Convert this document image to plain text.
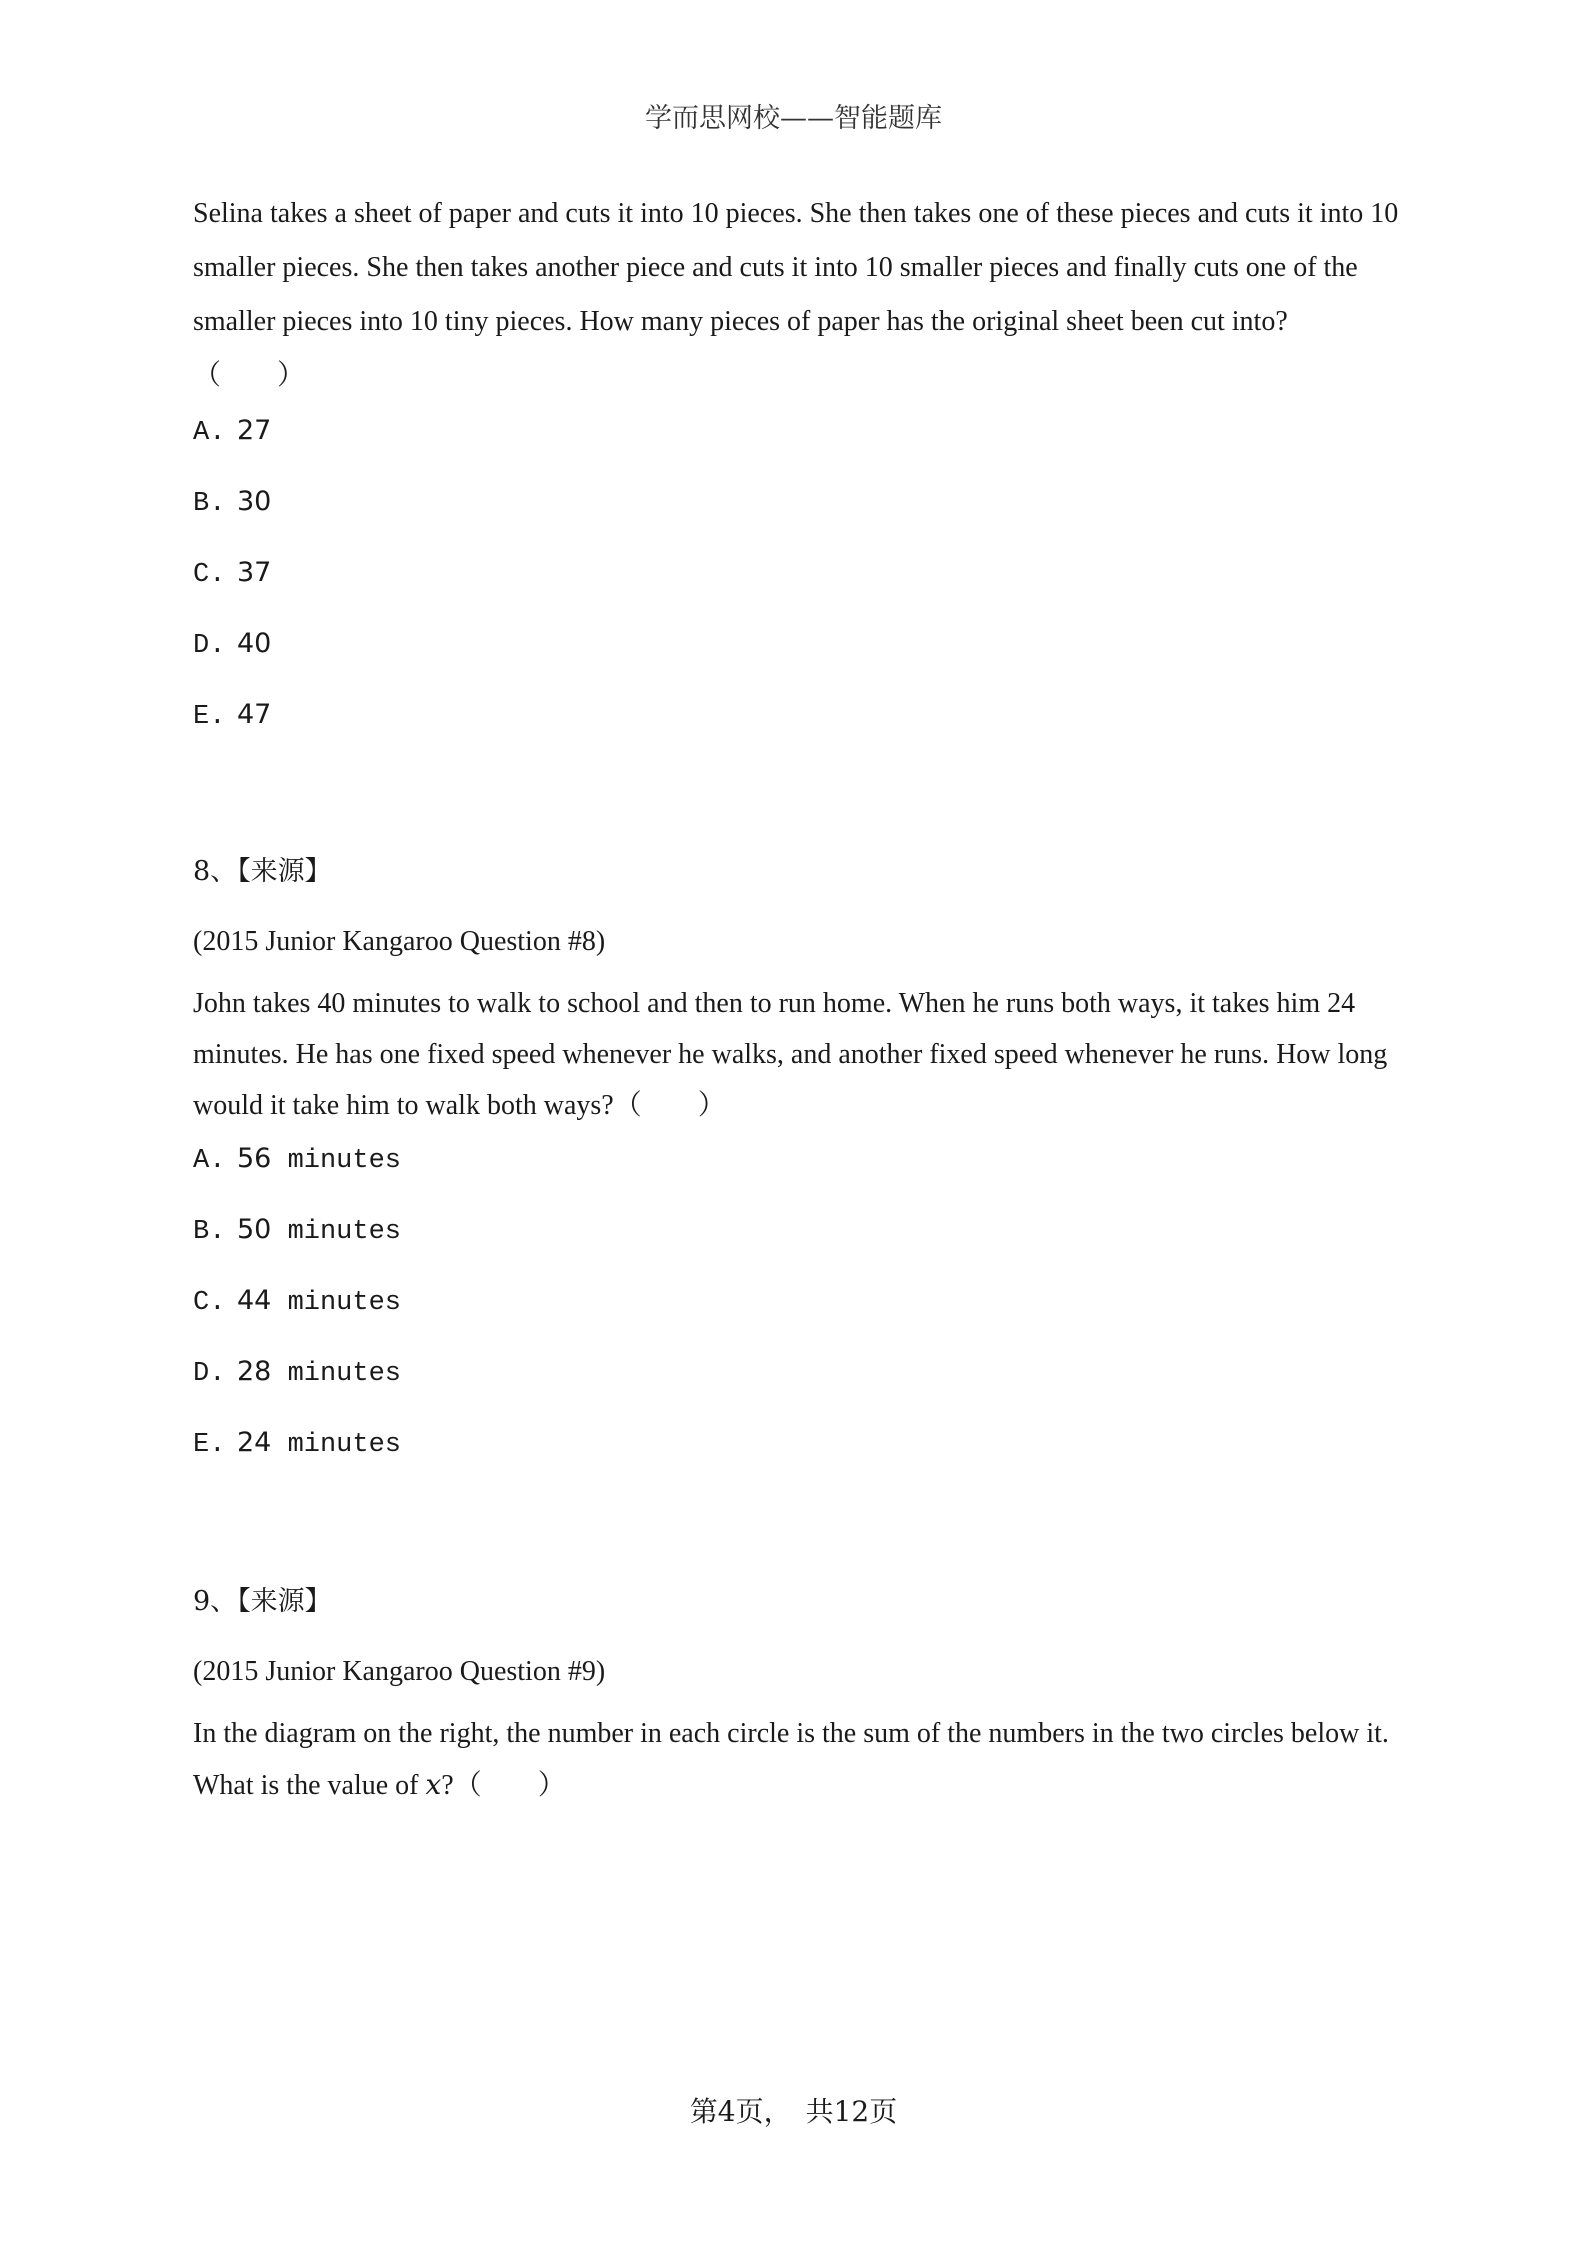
学而思网校——智能题库

Selina takes a sheet of paper and cuts it into 10 pieces. She then takes one of these pieces and cuts it into 10 smaller pieces. She then takes another piece and cuts it into 10 smaller pieces and finally cuts one of the smaller pieces into 10 tiny pieces. How many pieces of paper has the original sheet been cut into?
（　　）

A. 27
B. 30
C. 37
D. 40
E. 47

8、【来源】

(2015 Junior Kangaroo Question #8)

John takes 40 minutes to walk to school and then to run home. When he runs both ways, it takes him 24 minutes. He has one fixed speed whenever he walks, and another fixed speed whenever he runs. How long would it take him to walk both ways?（　　）

A. 56 minutes
B. 50 minutes
C. 44 minutes
D. 28 minutes
E. 24 minutes

9、【来源】

(2015 Junior Kangaroo Question #9)

In the diagram on the right, the number in each circle is the sum of the numbers in the two circles below it. What is the value of x?（　　）

第4页，　共12页
